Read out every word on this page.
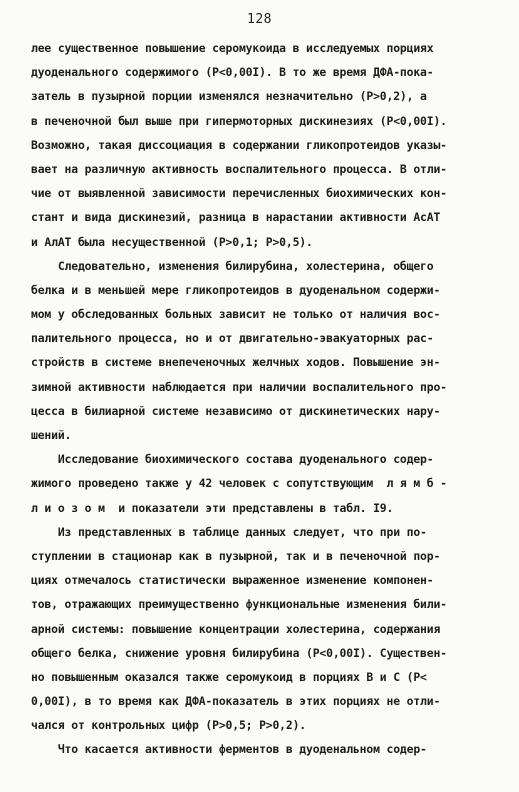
128
лее существенное повышение серомукоида в исследуемых порциях
дуоденального содержимого (P<0,00I). В то же время ДФА-пока-
затель в пузырной порции изменялся незначительно (P>0,2), а
в печеночной был выше при гипермоторных дискинезиях (P<0,00I).
Возможно, такая диссоциация в содержании гликопротеидов указы-
вает на различную активность воспалительного процесса. В отли-
чие от выявленной зависимости перечисленных биохимических кон-
стант и вида дискинезий, разница в нарастании активности АсАТ
и АлАТ была несущественной (P>0,1; P>0,5).
Следовательно, изменения билирубина, холестерина, общего
белка и в меньшей мере гликопротеидов в дуоденальном содержи-
мом у обследованных больных зависит не только от наличия вос-
палительного процесса, но и от двигательно-эвакуаторных рас-
стройств в системе внепеченочных желчных ходов. Повышение эн-
зимной активности наблюдается при наличии воспалительного про-
цесса в билиарной системе независимо от дискинетических нару-
шений.
Исследование биохимического состава дуоденального содер-
жимого проведено также у 42 человек с сопутствующим  л я м б -
л и о з о м  и показатели эти представлены в табл. I9.
Из представленных в таблице данных следует, что при по-
ступлении в стационар как в пузырной, так и в печеночной пор-
циях отмечалось статистически выраженное изменение компонен-
тов, отражающих преимущественно функциональные изменения били-
арной системы: повышение концентрации холестерина, содержания
общего белка, снижение уровня билирубина (P<0,00I). Существен-
но повышенным оказался также серомукоид в порциях В и С (P<
0,00I), в то время как ДФА-показатель в этих порциях не отли-
чался от контрольных цифр (P>0,5; P>0,2).
Что касается активности ферментов в дуоденальном содер-
